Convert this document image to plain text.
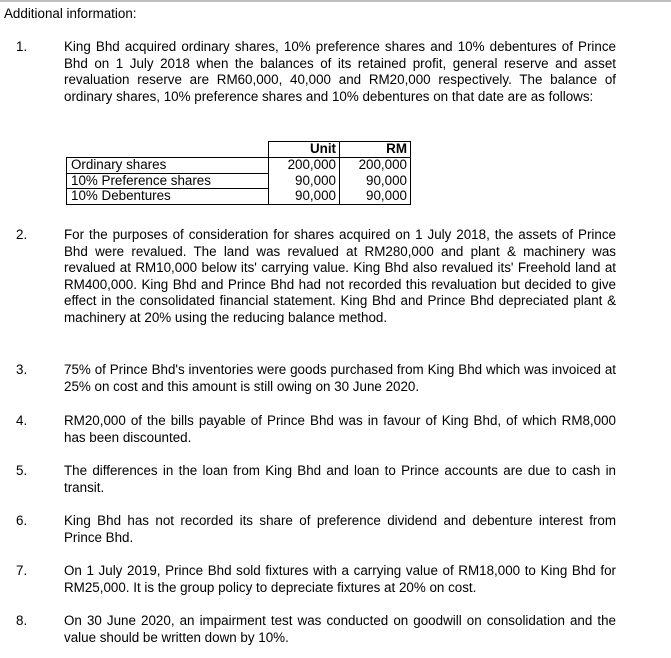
Additional information:
1.	King Bhd acquired ordinary shares, 10% preference shares and 10% debentures of Prince Bhd on 1 July 2018 when the balances of its retained profit, general reserve and asset revaluation reserve are RM60,000, 40,000 and RM20,000 respectively. The balance of ordinary shares, 10% preference shares and 10% debentures on that date are as follows:
	Unit	RM
Ordinary shares	200,000	200,000
10% Preference shares	90,000	90,000
10% Debentures	90,000	90,000
2.	For the purposes of consideration for shares acquired on 1 July 2018, the assets of Prince Bhd were revalued. The land was revalued at RM280,000 and plant & machinery was revalued at RM10,000 below its' carrying value. King Bhd also revalued its' Freehold land at RM400,000. King Bhd and Prince Bhd had not recorded this revaluation but decided to give effect in the consolidated financial statement. King Bhd and Prince Bhd depreciated plant & machinery at 20% using the reducing balance method.
3.	75% of Prince Bhd's inventories were goods purchased from King Bhd which was invoiced at 25% on cost and this amount is still owing on 30 June 2020.
4.	RM20,000 of the bills payable of Prince Bhd was in favour of King Bhd, of which RM8,000 has been discounted.
5.	The differences in the loan from King Bhd and loan to Prince accounts are due to cash in transit.
6.	King Bhd has not recorded its share of preference dividend and debenture interest from Prince Bhd.
7.	On 1 July 2019, Prince Bhd sold fixtures with a carrying value of RM18,000 to King Bhd for RM25,000. It is the group policy to depreciate fixtures at 20% on cost.
8.	On 30 June 2020, an impairment test was conducted on goodwill on consolidation and the value should be written down by 10%.
